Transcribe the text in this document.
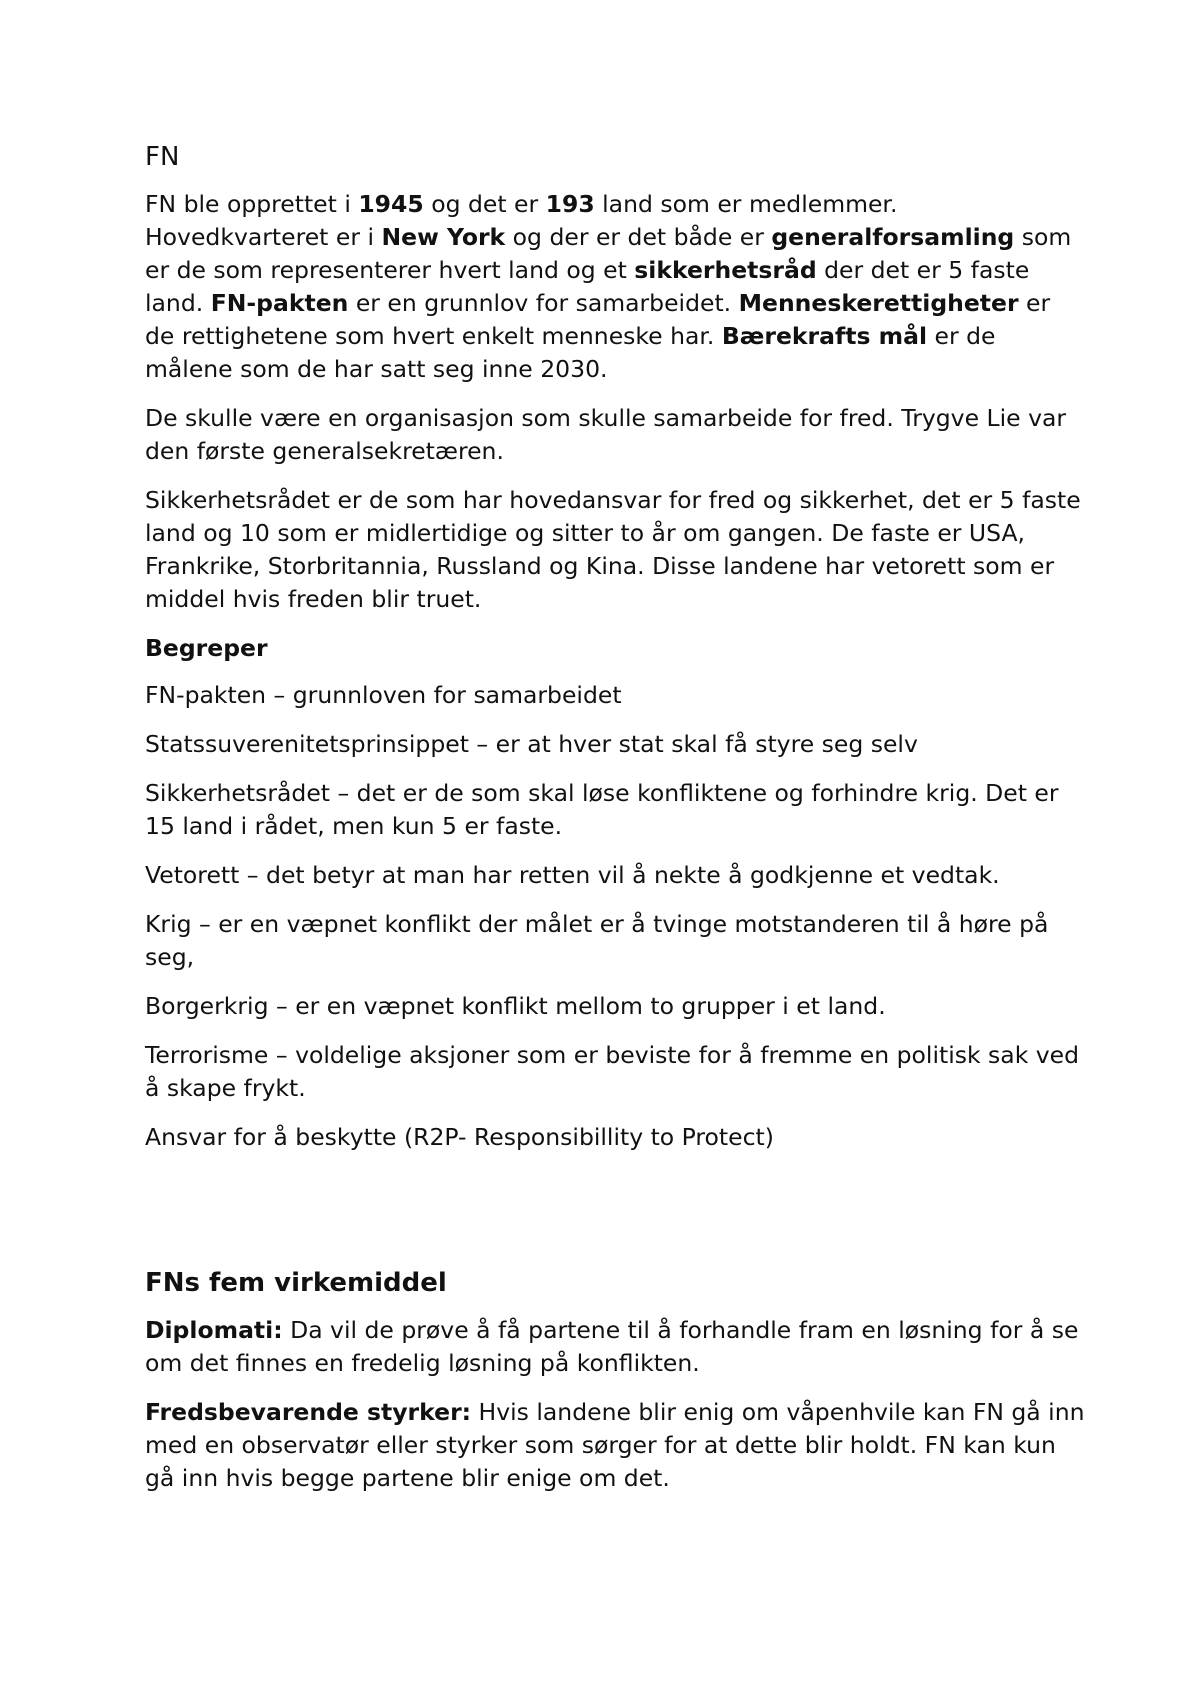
FN

FN ble opprettet i 1945 og det er 193 land som er medlemmer. Hovedkvarteret er i New York og der er det både er generalforsamling som er de som representerer hvert land og et sikkerhetsråd der det er 5 faste land. FN-pakten er en grunnlov for samarbeidet. Menneskerettigheter er de rettighetene som hvert enkelt menneske har. Bærekrafts mål er de målene som de har satt seg inne 2030.

De skulle være en organisasjon som skulle samarbeide for fred. Trygve Lie var den første generalsekretæren.

Sikkerhetsrådet er de som har hovedansvar for fred og sikkerhet, det er 5 faste land og 10 som er midlertidige og sitter to år om gangen. De faste er USA, Frankrike, Storbritannia, Russland og Kina. Disse landene har vetorett som er middel hvis freden blir truet.

Begreper

FN-pakten – grunnloven for samarbeidet

Statssuverenitetsprinsippet – er at hver stat skal få styre seg selv

Sikkerhetsrådet – det er de som skal løse konfliktene og forhindre krig. Det er 15 land i rådet, men kun 5 er faste.

Vetorett – det betyr at man har retten vil å nekte å godkjenne et vedtak.

Krig – er en væpnet konflikt der målet er å tvinge motstanderen til å høre på seg,

Borgerkrig – er en væpnet konflikt mellom to grupper i et land.

Terrorisme – voldelige aksjoner som er beviste for å fremme en politisk sak ved å skape frykt.

Ansvar for å beskytte (R2P- Responsibillity to Protect)

FNs fem virkemiddel

Diplomati: Da vil de prøve å få partene til å forhandle fram en løsning for å se om det finnes en fredelig løsning på konflikten.

Fredsbevarende styrker: Hvis landene blir enig om våpenhvile kan FN gå inn med en observatør eller styrker som sørger for at dette blir holdt. FN kan kun gå inn hvis begge partene blir enige om det.
